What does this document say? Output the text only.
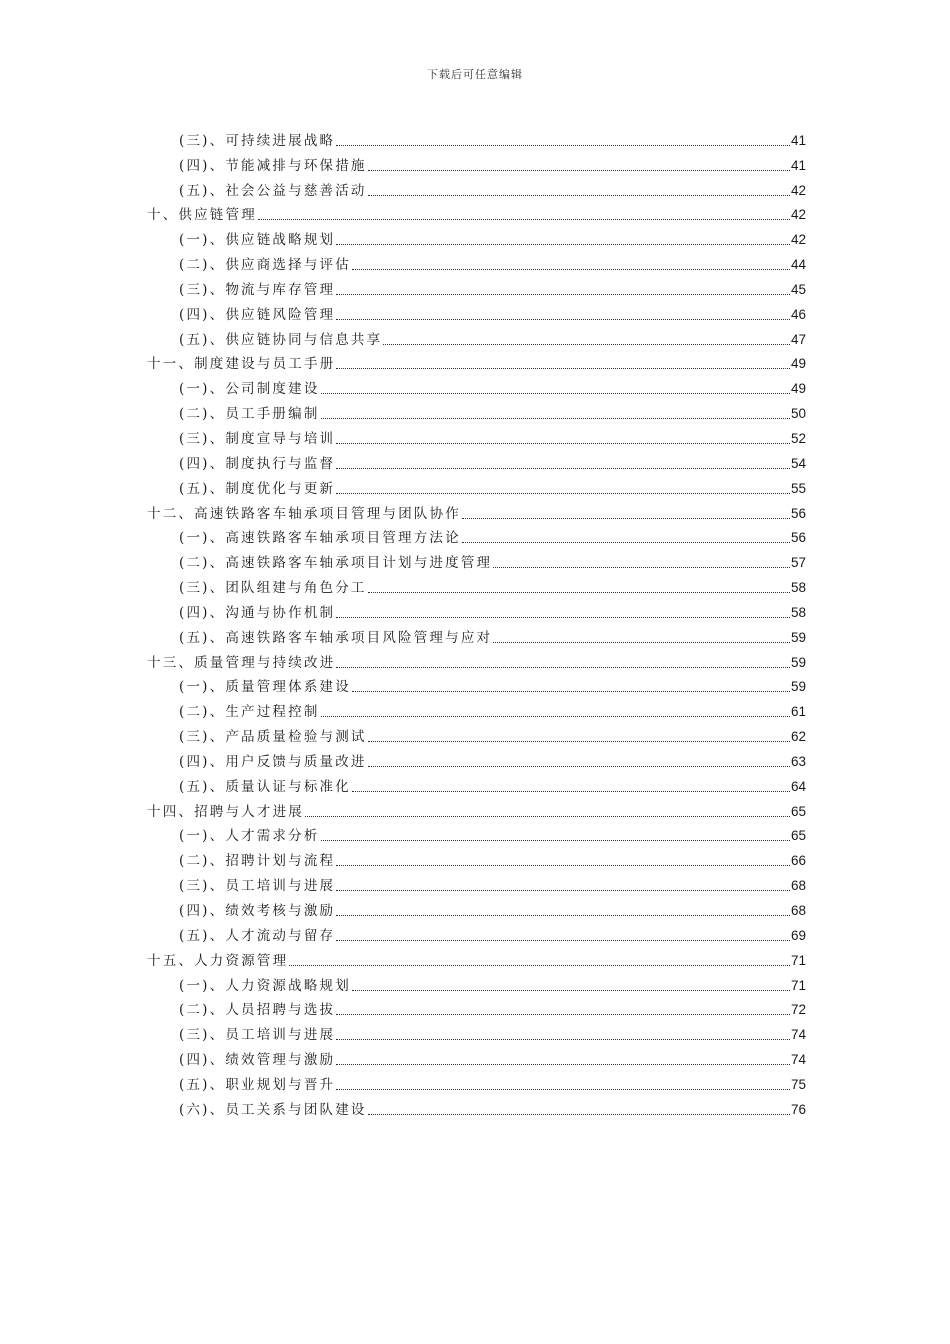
下载后可任意编辑
(三)、可持续进展战略	41
(四)、节能减排与环保措施	41
(五)、社会公益与慈善活动	42
十、供应链管理	42
(一)、供应链战略规划	42
(二)、供应商选择与评估	44
(三)、物流与库存管理	45
(四)、供应链风险管理	46
(五)、供应链协同与信息共享	47
十一、制度建设与员工手册	49
(一)、公司制度建设	49
(二)、员工手册编制	50
(三)、制度宣导与培训	52
(四)、制度执行与监督	54
(五)、制度优化与更新	55
十二、高速铁路客车轴承项目管理与团队协作	56
(一)、高速铁路客车轴承项目管理方法论	56
(二)、高速铁路客车轴承项目计划与进度管理	57
(三)、团队组建与角色分工	58
(四)、沟通与协作机制	58
(五)、高速铁路客车轴承项目风险管理与应对	59
十三、质量管理与持续改进	59
(一)、质量管理体系建设	59
(二)、生产过程控制	61
(三)、产品质量检验与测试	62
(四)、用户反馈与质量改进	63
(五)、质量认证与标准化	64
十四、招聘与人才进展	65
(一)、人才需求分析	65
(二)、招聘计划与流程	66
(三)、员工培训与进展	68
(四)、绩效考核与激励	68
(五)、人才流动与留存	69
十五、人力资源管理	71
(一)、人力资源战略规划	71
(二)、人员招聘与选拔	72
(三)、员工培训与进展	74
(四)、绩效管理与激励	74
(五)、职业规划与晋升	75
(六)、员工关系与团队建设	76
